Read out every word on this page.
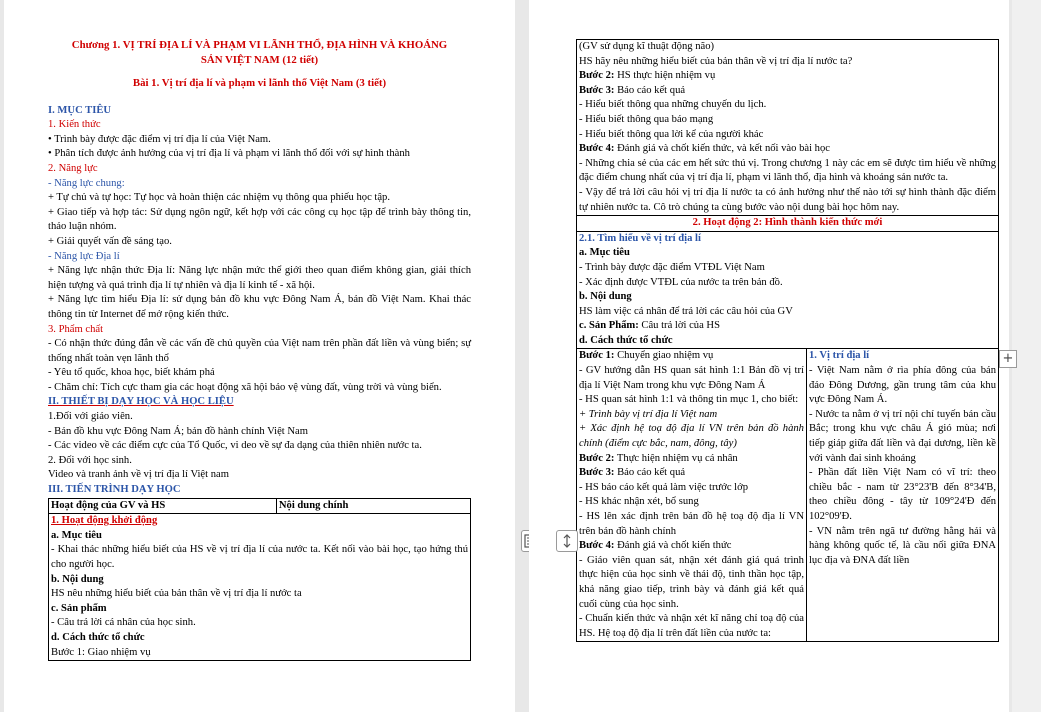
Chương 1. VỊ TRÍ ĐỊA LÍ VÀ PHẠM VI LÃNH THỔ, ĐỊA HÌNH VÀ KHOÁNG
SẢN VIỆT NAM (12 tiết)
Bài 1. Vị trí địa lí và phạm vi lãnh thổ Việt Nam (3 tiết)
I. MỤC TIÊU
1. Kiến thức
• Trình bày được đặc điểm vị trí địa lí của Việt Nam.
• Phân tích được ảnh hưởng của vị trí địa lí và phạm vi lãnh thổ đối với sự hình thành
2. Năng lực
- Năng lực chung:
+ Tự chủ và tự học: Tự học và hoàn thiện các nhiệm vụ thông qua phiếu học tập.
+ Giao tiếp và hợp tác: Sử dụng ngôn ngữ, kết hợp với các công cụ học tập để trình bày thông tin, thảo luận nhóm.
+ Giải quyết vấn đề sáng tạo.
- Năng lực Địa lí
+ Năng lực nhận thức Địa lí: Năng lực nhận mức thể giới theo quan điểm không gian, giải thích hiện tượng và quá trình địa lí tự nhiên và địa lí kinh tế - xã hội.
+ Năng lực tìm hiểu Địa lí: sử dụng bản đồ khu vực Đông Nam Á, bản đồ Việt Nam. Khai thác thông tin từ Internet để mở rộng kiến thức.
3. Phẩm chất
- Có nhận thức đúng đắn về các vấn đề chủ quyền của Việt nam trên phần đất liền và vùng biển; sự thống nhất toàn vẹn lãnh thổ
- Yêu tổ quốc, khoa học, biết khám phá
- Chăm chỉ: Tích cực tham gia các hoạt động xã hội bảo vệ vùng đất, vùng trời và vùng biển.
II. THIẾT BỊ DẠY HỌC VÀ HỌC LIỆU
1.Đối với giáo viên.
- Bản đồ khu vực Đông Nam Á; bản đồ hành chính Việt Nam
- Các video về các điểm cực của Tổ Quốc, vi deo về sự đa dạng của thiên nhiên nước ta.
2. Đối với học sinh.
Video và tranh ảnh về vị trí địa lí Việt nam
III. TIẾN TRÌNH DẠY HỌC
Hoạt động của GV và HS	Nội dung chính

1. Hoạt động khởi động
a. Mục tiêu
- Khai thác những hiểu biết của HS về vị trí địa lí của nước ta. Kết nối vào bài học, tạo hứng thú cho người học.
b. Nội dung
HS nêu những hiểu biết của bản thân về vị trí địa lí nước ta
c. Sản phẩm
- Câu trả lời cá nhân của học sinh.
d. Cách thức tổ chức
Bước 1: Giao nhiệm vụ
(GV sử dụng kĩ thuật động não)
HS hãy nêu những hiểu biết của bản thân về vị trí địa lí nước ta?
Bước 2: HS thực hiện nhiệm vụ
Bước 3: Báo cáo kết quả
- Hiểu biết thông qua những chuyến du lịch.
- Hiểu biết thông qua báo mạng
- Hiểu biết thông qua lời kể của người khác
Bước 4: Đánh giá và chốt kiến thức, và kết nối vào bài học
- Những chia sẻ của các em hết sức thú vị. Trong chương 1 này các em sẽ được tìm hiểu về những đặc điểm chung nhất của vị trí địa lí, phạm vi lãnh thổ, địa hình và khoáng sản nước ta.
- Vậy để trả lời câu hỏi vị trí địa lí nước ta có ảnh hưởng như thế nào tới sự hình thành đặc điểm tự nhiên nước ta. Cô trò chúng ta cùng bước vào nội dung bài học hôm nay.

2. Hoạt động 2: Hình thành kiến thức mới

2.1. Tìm hiểu về vị trí địa lí
a. Mục tiêu
- Trình bày được đặc điểm VTĐL Việt Nam
- Xác định được VTĐL của nước ta trên bản đồ.
b. Nội dung
HS làm việc cá nhân để trả lời các câu hỏi của GV
c. Sản Phẩm: Câu trả lời của HS
d. Cách thức tổ chức

Bước 1: Chuyển giao nhiệm vụ
- GV hướng dẫn HS quan sát hình 1:1 Bản đồ vị trí địa lí Việt Nam trong khu vực Đông Nam Á
- HS quan sát hình 1:1 và thông tin mục 1, cho biết:
+ Trình bày vị trí địa lí Việt nam
+ Xác định hệ toạ độ địa lí VN trên bản đồ hành chính (điểm cực bắc, nam, đông, tây)
Bước 2: Thực hiện nhiệm vụ cá nhân
Bước 3: Báo cáo kết quả
- HS báo cáo kết quả làm việc trước lớp
- HS khác nhận xét, bổ sung
- HS lên xác định trên bản đồ hệ toạ độ địa lí VN trên bản đồ hành chính
Bước 4: Đánh giá và chốt kiến thức
- Giáo viên quan sát, nhận xét đánh giá quá trình thực hiện của học sinh về thái độ, tinh thần học tập, khả năng giao tiếp, trình bày và đánh giá kết quả cuối cùng của học sinh.
- Chuẩn kiến thức và nhận xét kĩ năng chỉ toạ độ của HS. Hệ toạ độ địa lí trên đất liền của nước ta:

1. Vị trí địa lí
- Việt Nam nằm ở rìa phía đông của bán đảo Đông Dương, gần trung tâm của khu vực Đông Nam Á.
- Nước ta nằm ở vị trí nội chí tuyến bán cầu Bắc; trong khu vực châu Á gió mùa; nơi tiếp giáp giữa đất liền và đại dương, liền kề với vành đai sinh khoáng
- Phần đất liền Việt Nam có vĩ trí: theo chiều bắc - nam từ 23°23'B đến 8°34'B, theo chiều đông - tây từ 109°24'Đ đến 102°09'Đ.
- VN nằm trên ngã tư đường hằng hải và hàng không quốc tế, là cầu nối giữa ĐNA lục địa và ĐNA đất liền
+
